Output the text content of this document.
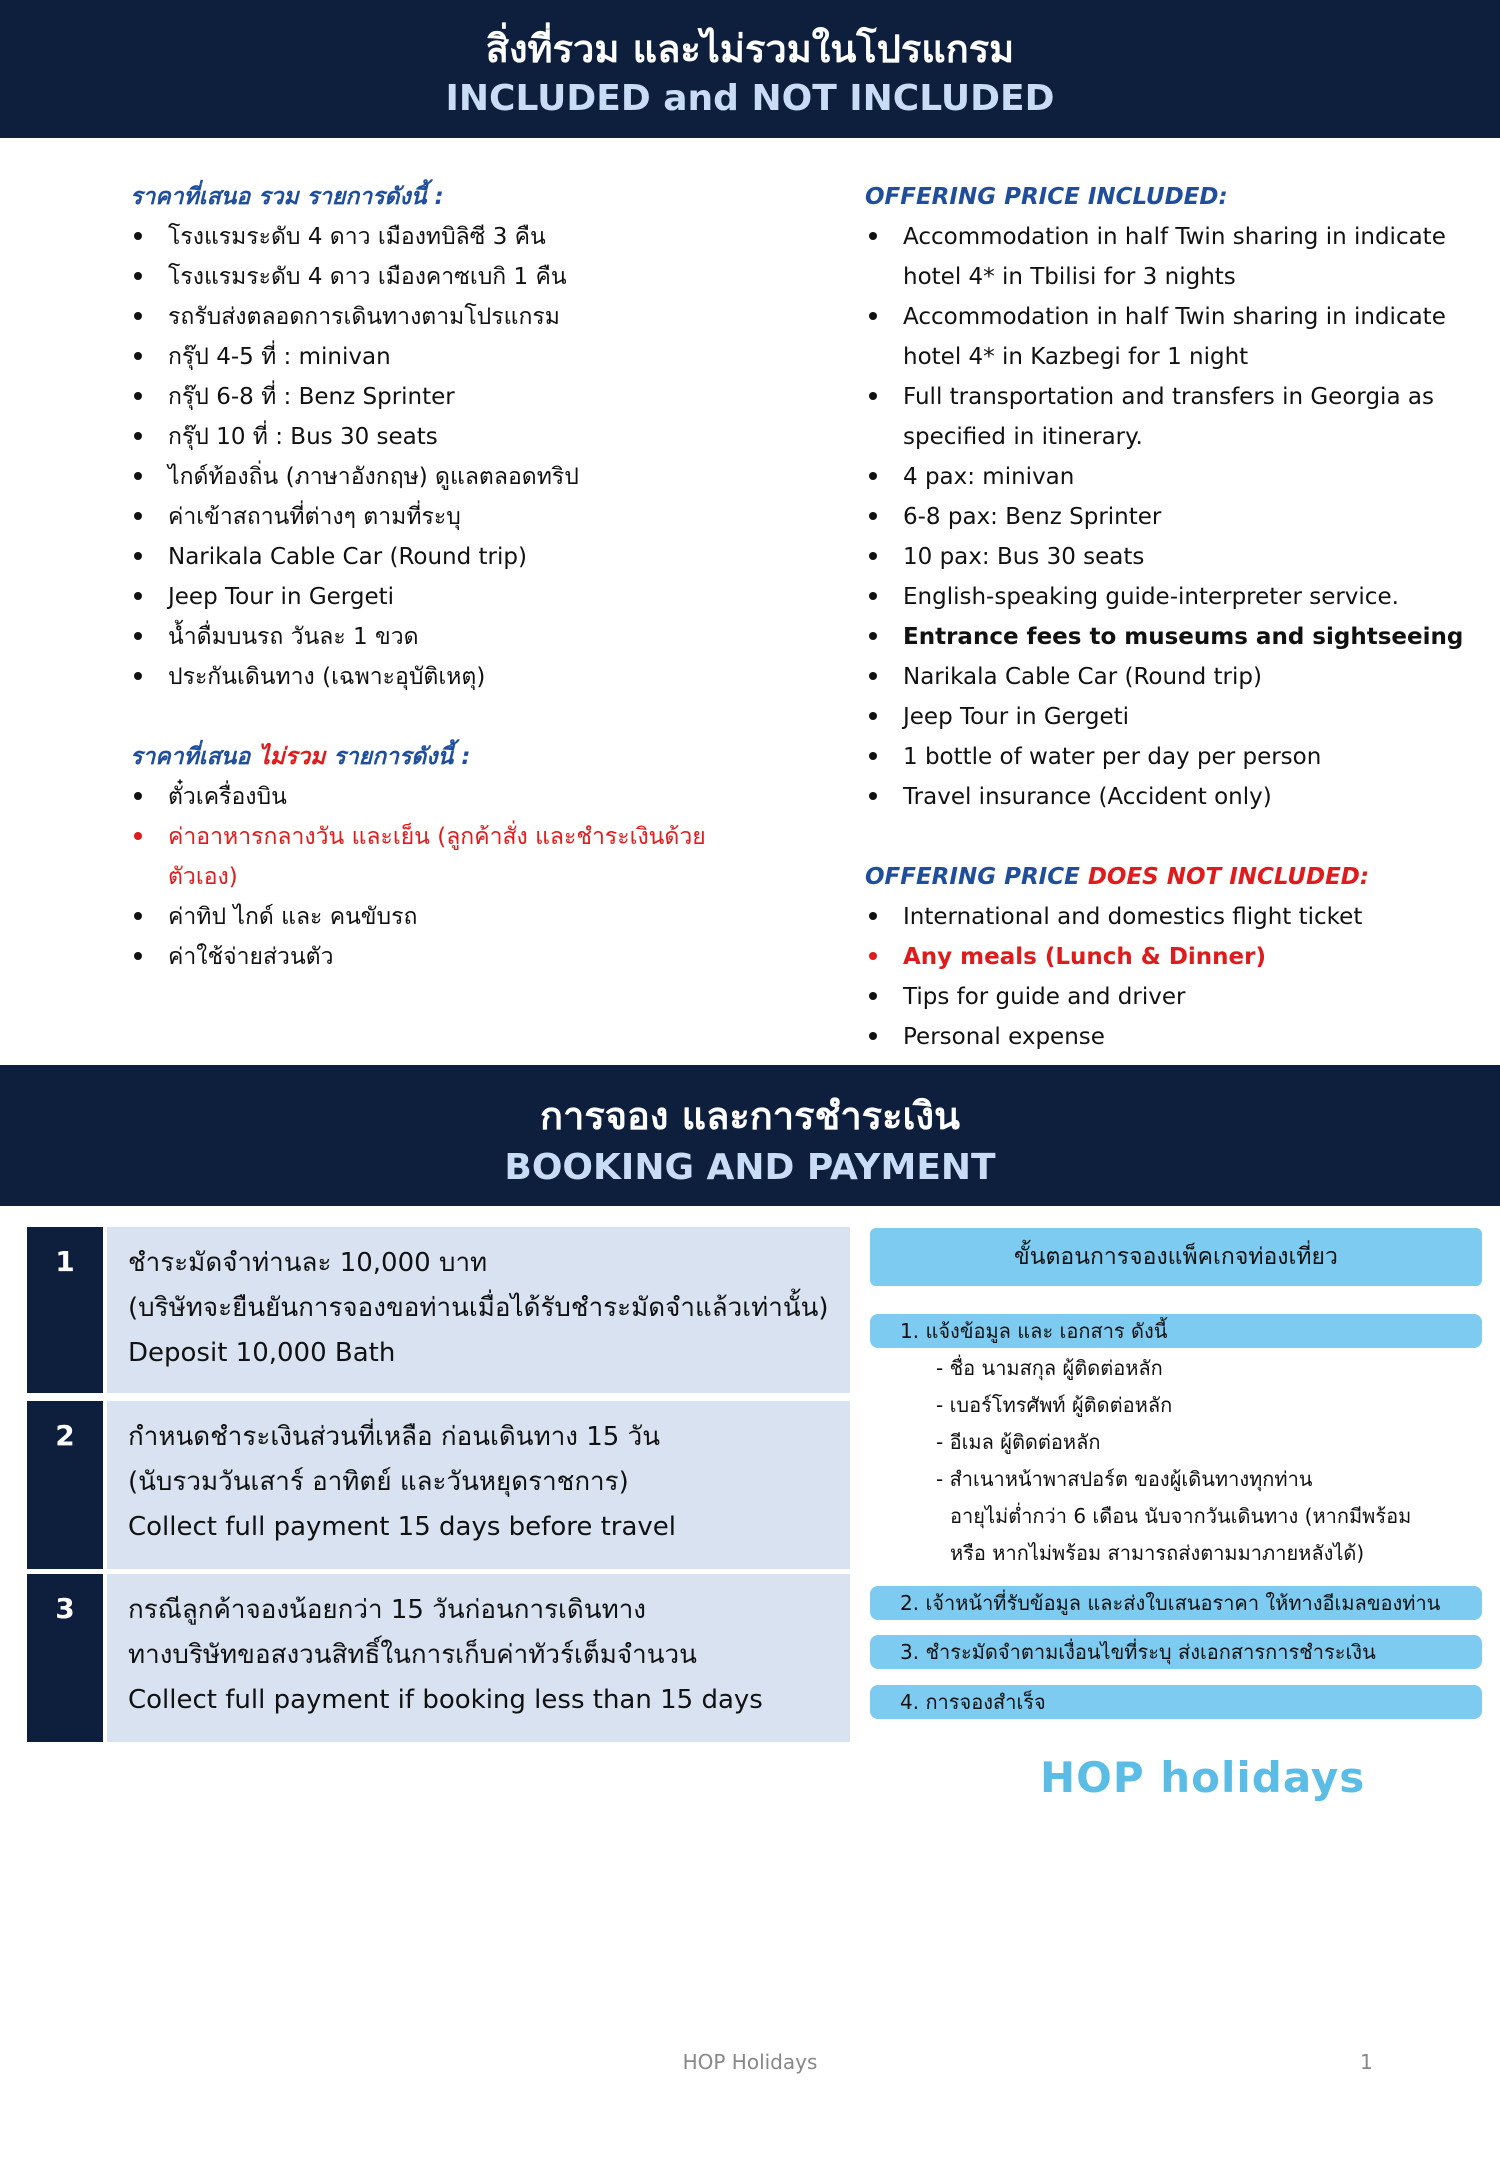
สิ่งที่รวม และไม่รวมในโปรแกรม
INCLUDED and NOT INCLUDED
ราคาที่เสนอ รวม รายการดังนี้ :
โรงแรมระดับ 4 ดาว เมืองทบิลิซี 3 คืน
โรงแรมระดับ 4 ดาว เมืองคาซเบกิ 1 คืน
รถรับส่งตลอดการเดินทางตามโปรแกรม
กรุ๊ป 4-5 ที่ : minivan
กรุ๊ป 6-8 ที่ : Benz Sprinter
กรุ๊ป 10 ที่ : Bus 30 seats
ไกด์ท้องถิ่น (ภาษาอังกฤษ) ดูแลตลอดทริป
ค่าเข้าสถานที่ต่างๆ ตามที่ระบุ
Narikala Cable Car (Round trip)
Jeep Tour in Gergeti
น้ำดื่มบนรถ วันละ 1 ขวด
ประกันเดินทาง (เฉพาะอุบัติเหตุ)
ราคาที่เสนอ ไม่รวม รายการดังนี้ :
ตั๋วเครื่องบิน
ค่าอาหารกลางวัน และเย็น (ลูกค้าสั่ง และชำระเงินด้วยตัวเอง)
ค่าทิป ไกด์ และ คนขับรถ
ค่าใช้จ่ายส่วนตัว
OFFERING PRICE INCLUDED:
Accommodation in half Twin sharing in indicate hotel 4* in Tbilisi for 3 nights
Accommodation in half Twin sharing in indicate hotel 4* in Kazbegi for 1 night
Full transportation and transfers in Georgia as specified in itinerary.
4 pax: minivan
6-8 pax: Benz Sprinter
10 pax: Bus 30 seats
English-speaking guide-interpreter service.
Entrance fees to museums and sightseeing
Narikala Cable Car (Round trip)
Jeep Tour in Gergeti
1 bottle of water per day per person
Travel insurance (Accident only)
OFFERING PRICE DOES NOT INCLUDED:
International and domestics flight ticket
Any meals (Lunch & Dinner)
Tips for guide and driver
Personal expense
การจอง และการชำระเงิน
BOOKING AND PAYMENT
1	ชำระมัดจำท่านละ 10,000 บาท
(บริษัทจะยืนยันการจองขอท่านเมื่อได้รับชำระมัดจำแล้วเท่านั้น)
Deposit 10,000 Bath
2	กำหนดชำระเงินส่วนที่เหลือ ก่อนเดินทาง 15 วัน
(นับรวมวันเสาร์ อาทิตย์ และวันหยุดราชการ)
Collect full payment 15 days before travel
3	กรณีลูกค้าจองน้อยกว่า 15 วันก่อนการเดินทาง
ทางบริษัทขอสงวนสิทธิ์ในการเก็บค่าทัวร์เต็มจำนวน
Collect full payment if booking less than 15 days
ขั้นตอนการจองแพ็คเกจท่องเที่ยว
1. แจ้งข้อมูล และ เอกสาร ดังนี้
- ชื่อ นามสกุล ผู้ติดต่อหลัก
- เบอร์โทรศัพท์ ผู้ติดต่อหลัก
- อีเมล ผู้ติดต่อหลัก
- สำเนาหน้าพาสปอร์ต ของผู้เดินทางทุกท่าน
อายุไม่ต่ำกว่า 6 เดือน นับจากวันเดินทาง (หากมีพร้อม
หรือ หากไม่พร้อม สามารถส่งตามมาภายหลังได้)
2. เจ้าหน้าที่รับข้อมูล และส่งใบเสนอราคา ให้ทางอีเมลของท่าน
3. ชำระมัดจำตามเงื่อนไขที่ระบุ ส่งเอกสารการชำระเงิน
4. การจองสำเร็จ
HOP holidays
HOP Holidays	1
